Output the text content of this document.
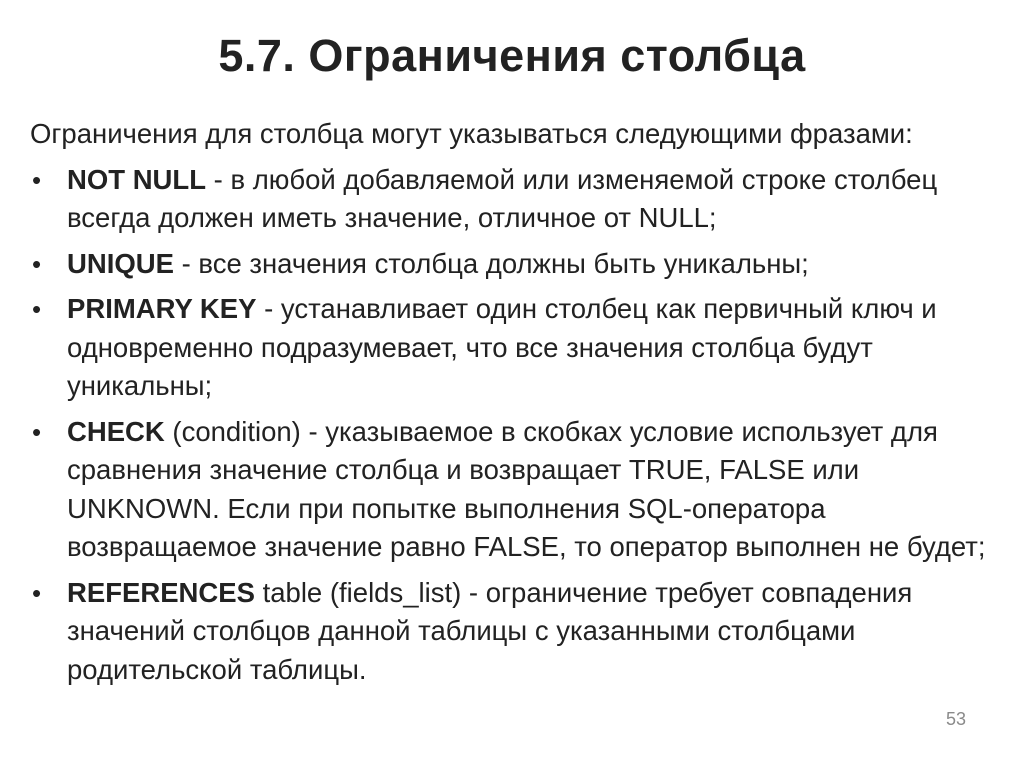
5.7. Ограничения столбца
Ограничения для столбца могут указываться следующими фразами:
• NOT NULL - в любой добавляемой или изменяемой строке столбец всегда должен иметь значение, отличное от NULL;
• UNIQUE - все значения столбца должны быть уникальны;
• PRIMARY KEY - устанавливает один столбец как первичный ключ и одновременно подразумевает, что все значения столбца будут уникальны;
• CHECK (condition) - указываемое в скобках условие использует для сравнения значение столбца и возвращает TRUE, FALSE или UNKNOWN. Если при попытке выполнения SQL-оператора возвращаемое значение равно FALSE, то оператор выполнен не будет;
• REFERENCES table (fields_list) - ограничение требует совпадения значений столбцов данной таблицы с указанными столбцами родительской таблицы.
53
